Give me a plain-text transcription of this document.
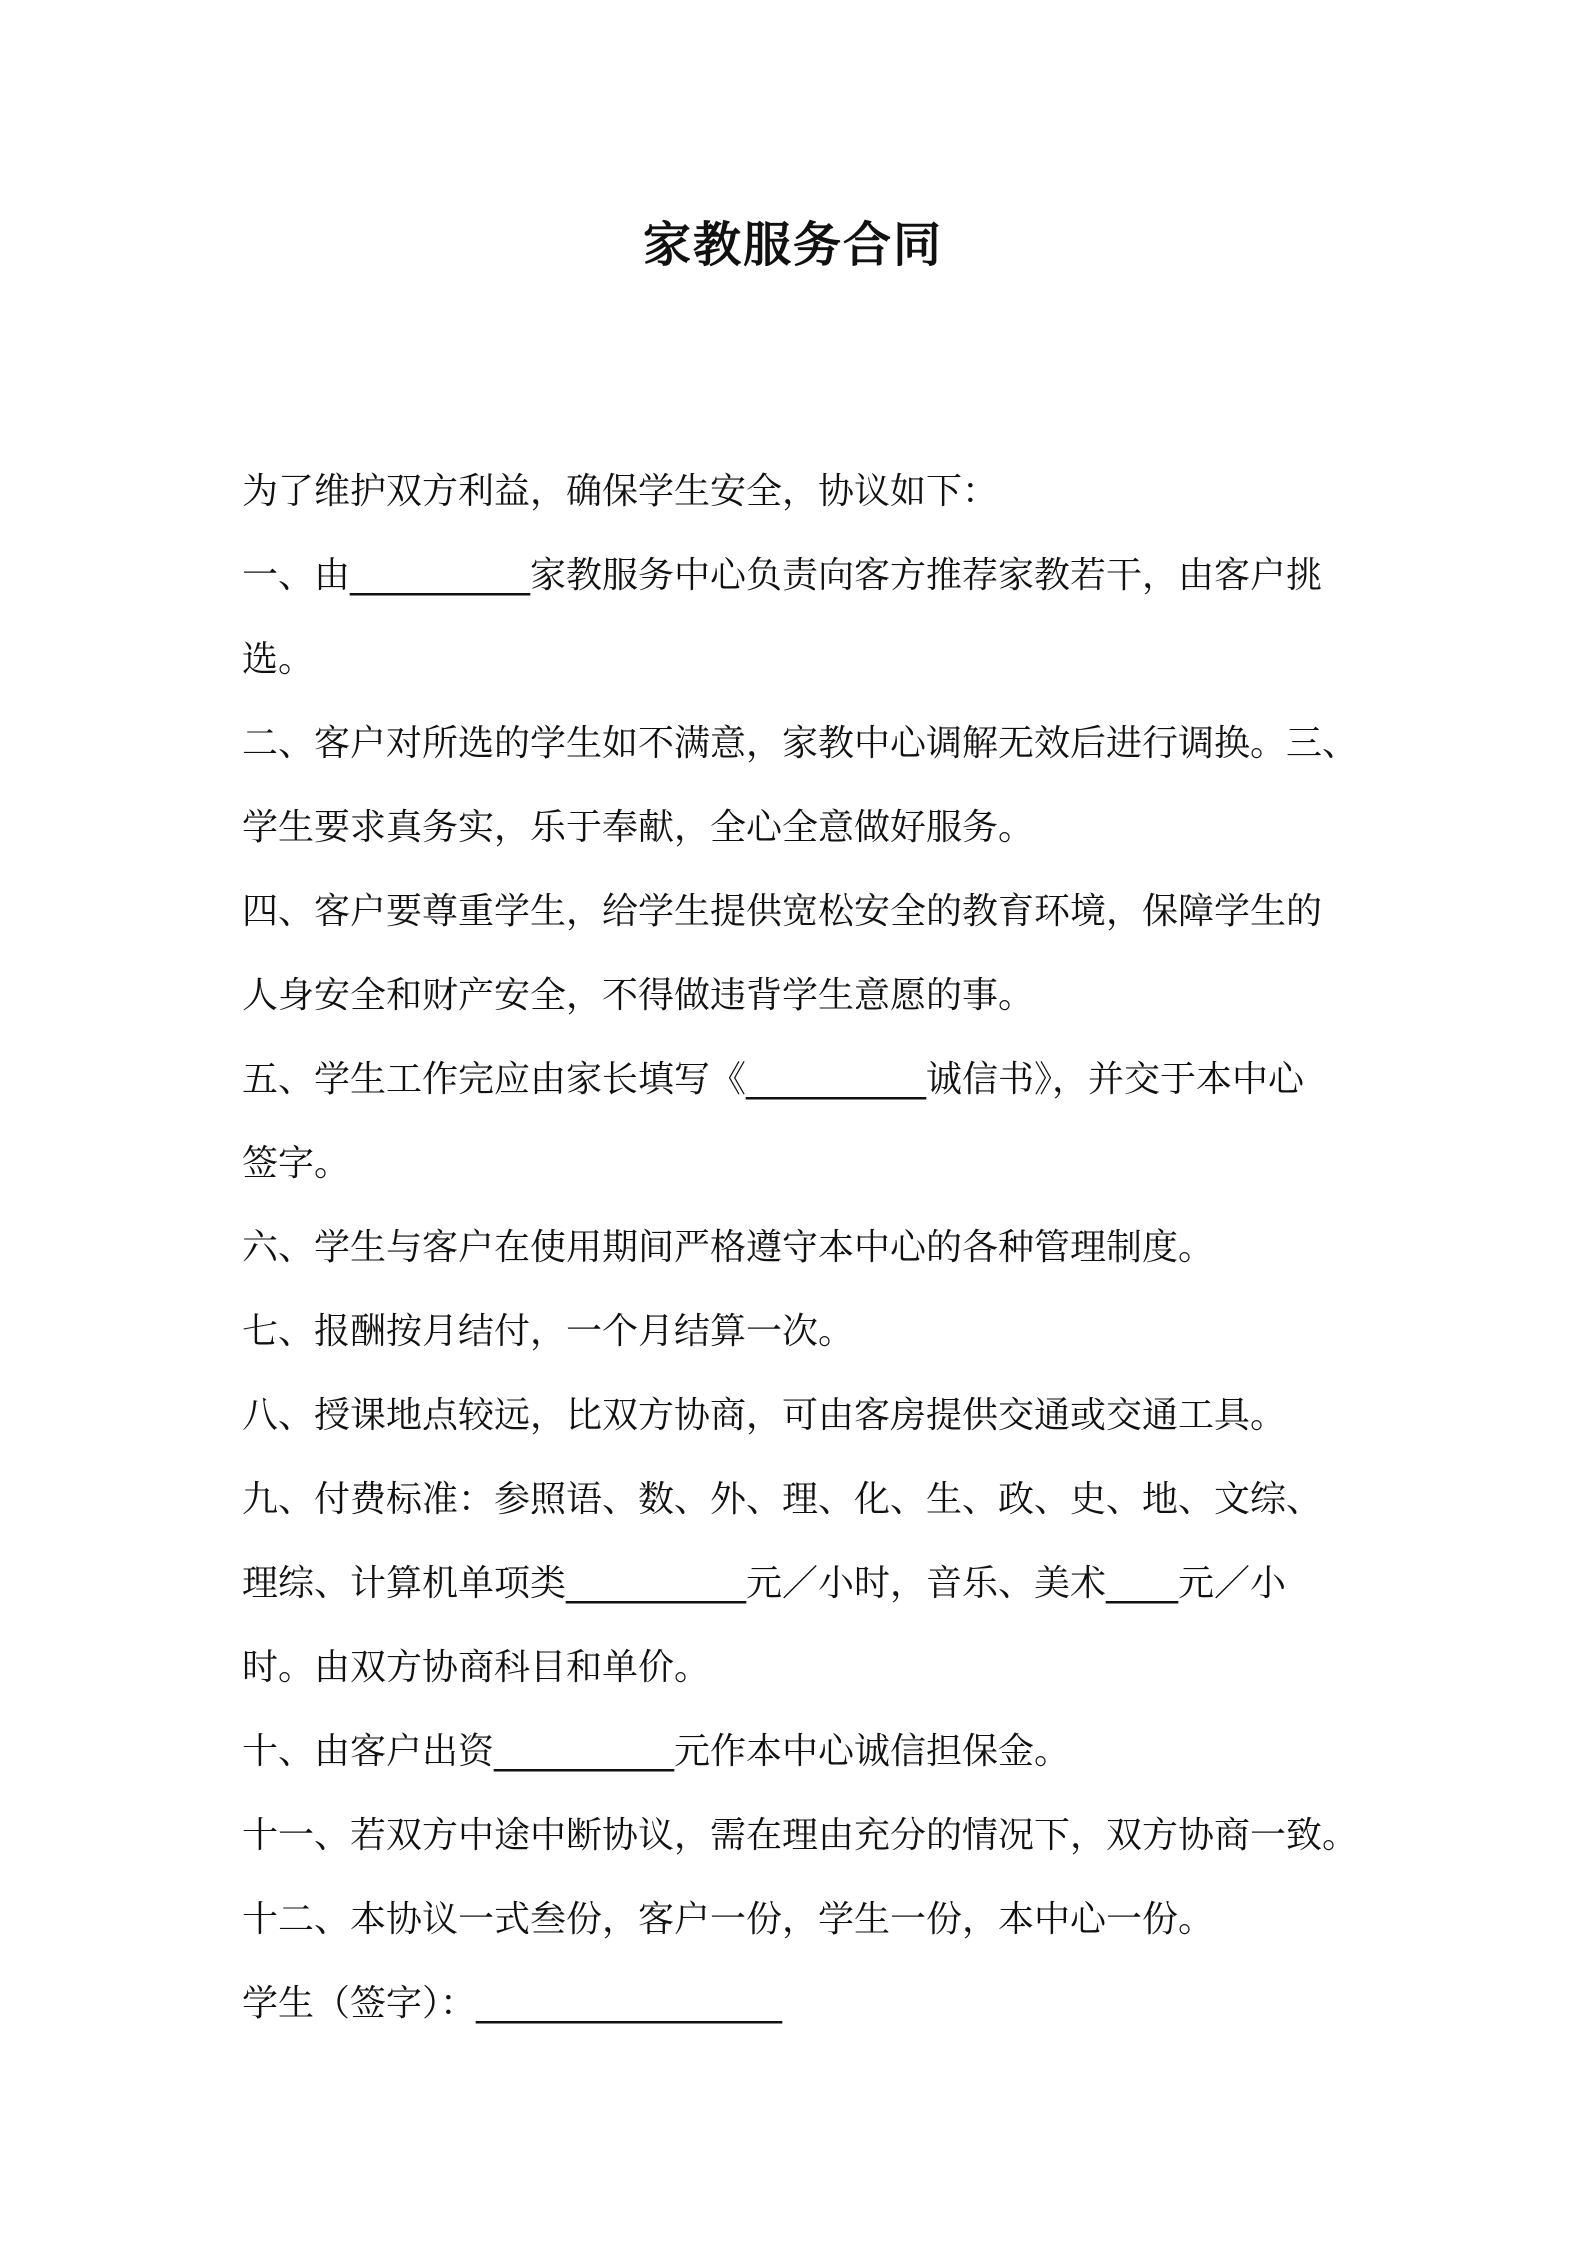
家教服务合同
为了维护双方利益，确保学生安全，协议如下：
一、由__________家教服务中心负责向客方推荐家教若干，由客户挑
选。
二、客户对所选的学生如不满意，家教中心调解无效后进行调换。三、
学生要求真务实，乐于奉献，全心全意做好服务。
四、客户要尊重学生，给学生提供宽松安全的教育环境，保障学生的
人身安全和财产安全，不得做违背学生意愿的事。
五、学生工作完应由家长填写《__________诚信书》，并交于本中心
签字。
六、学生与客户在使用期间严格遵守本中心的各种管理制度。
七、报酬按月结付，一个月结算一次。
八、授课地点较远，比双方协商，可由客房提供交通或交通工具。
九、付费标准：参照语、数、外、理、化、生、政、史、地、文综、
理综、计算机单项类__________元／小时，音乐、美术____元／小
时。由双方协商科目和单价。
十、由客户出资__________元作本中心诚信担保金。
十一、若双方中途中断协议，需在理由充分的情况下，双方协商一致。
十二、本协议一式叁份，客户一份，学生一份，本中心一份。
学生（签字）：_________________
